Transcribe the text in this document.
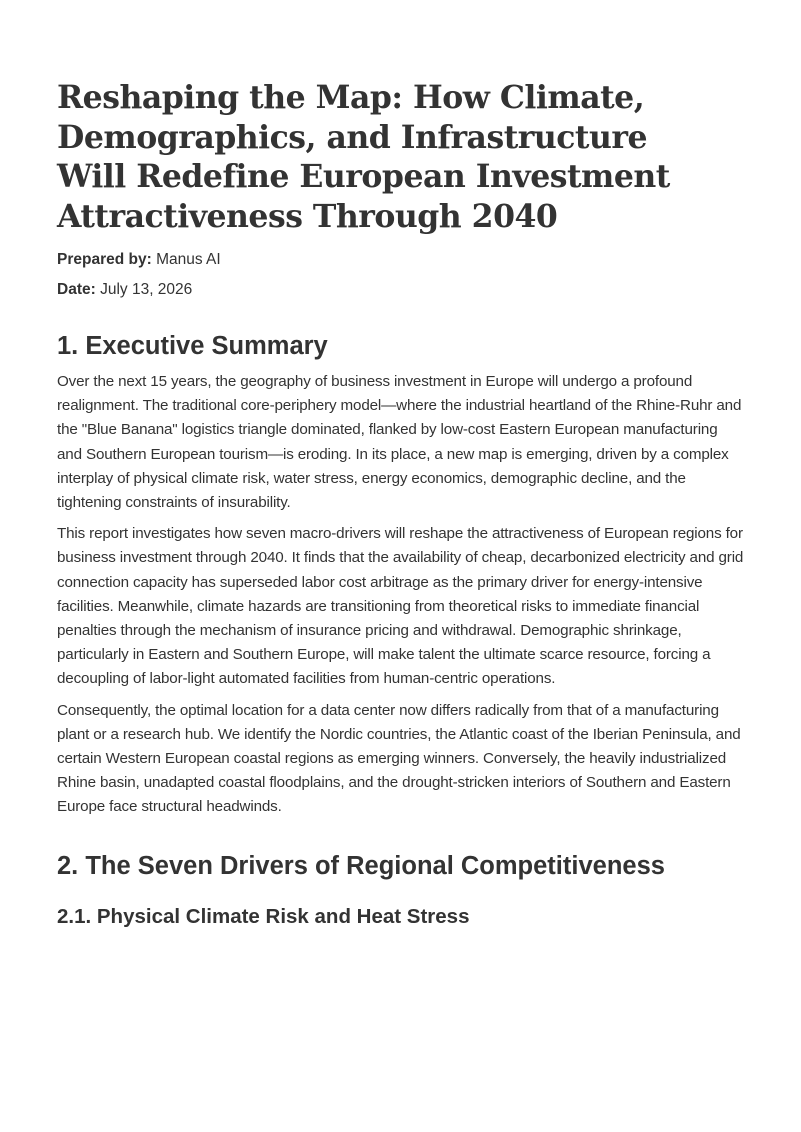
Reshaping the Map: How Climate, Demographics, and Infrastructure Will Redefine European Investment Attractiveness Through 2040
Prepared by: Manus AI
Date: July 13, 2026
1. Executive Summary

Over the next 15 years, the geography of business investment in Europe will undergo a profound realignment. The traditional core-periphery model—where the industrial heartland of the Rhine-Ruhr and the "Blue Banana" logistics triangle dominated, flanked by low-cost Eastern European manufacturing and Southern European tourism—is eroding. In its place, a new map is emerging, driven by a complex interplay of physical climate risk, water stress, energy economics, demographic decline, and the tightening constraints of insurability.

This report investigates how seven macro-drivers will reshape the attractiveness of European regions for business investment through 2040. It finds that the availability of cheap, decarbonized electricity and grid connection capacity has superseded labor cost arbitrage as the primary driver for energy-intensive facilities. Meanwhile, climate hazards are transitioning from theoretical risks to immediate financial penalties through the mechanism of insurance pricing and withdrawal. Demographic shrinkage, particularly in Eastern and Southern Europe, will make talent the ultimate scarce resource, forcing a decoupling of labor-light automated facilities from human-centric operations.

Consequently, the optimal location for a data center now differs radically from that of a manufacturing plant or a research hub. We identify the Nordic countries, the Atlantic coast of the Iberian Peninsula, and certain Western European coastal regions as emerging winners. Conversely, the heavily industrialized Rhine basin, unadapted coastal floodplains, and the drought-stricken interiors of Southern and Eastern Europe face structural headwinds.

2. The Seven Drivers of Regional Competitiveness
2.1. Physical Climate Risk and Heat Stress
